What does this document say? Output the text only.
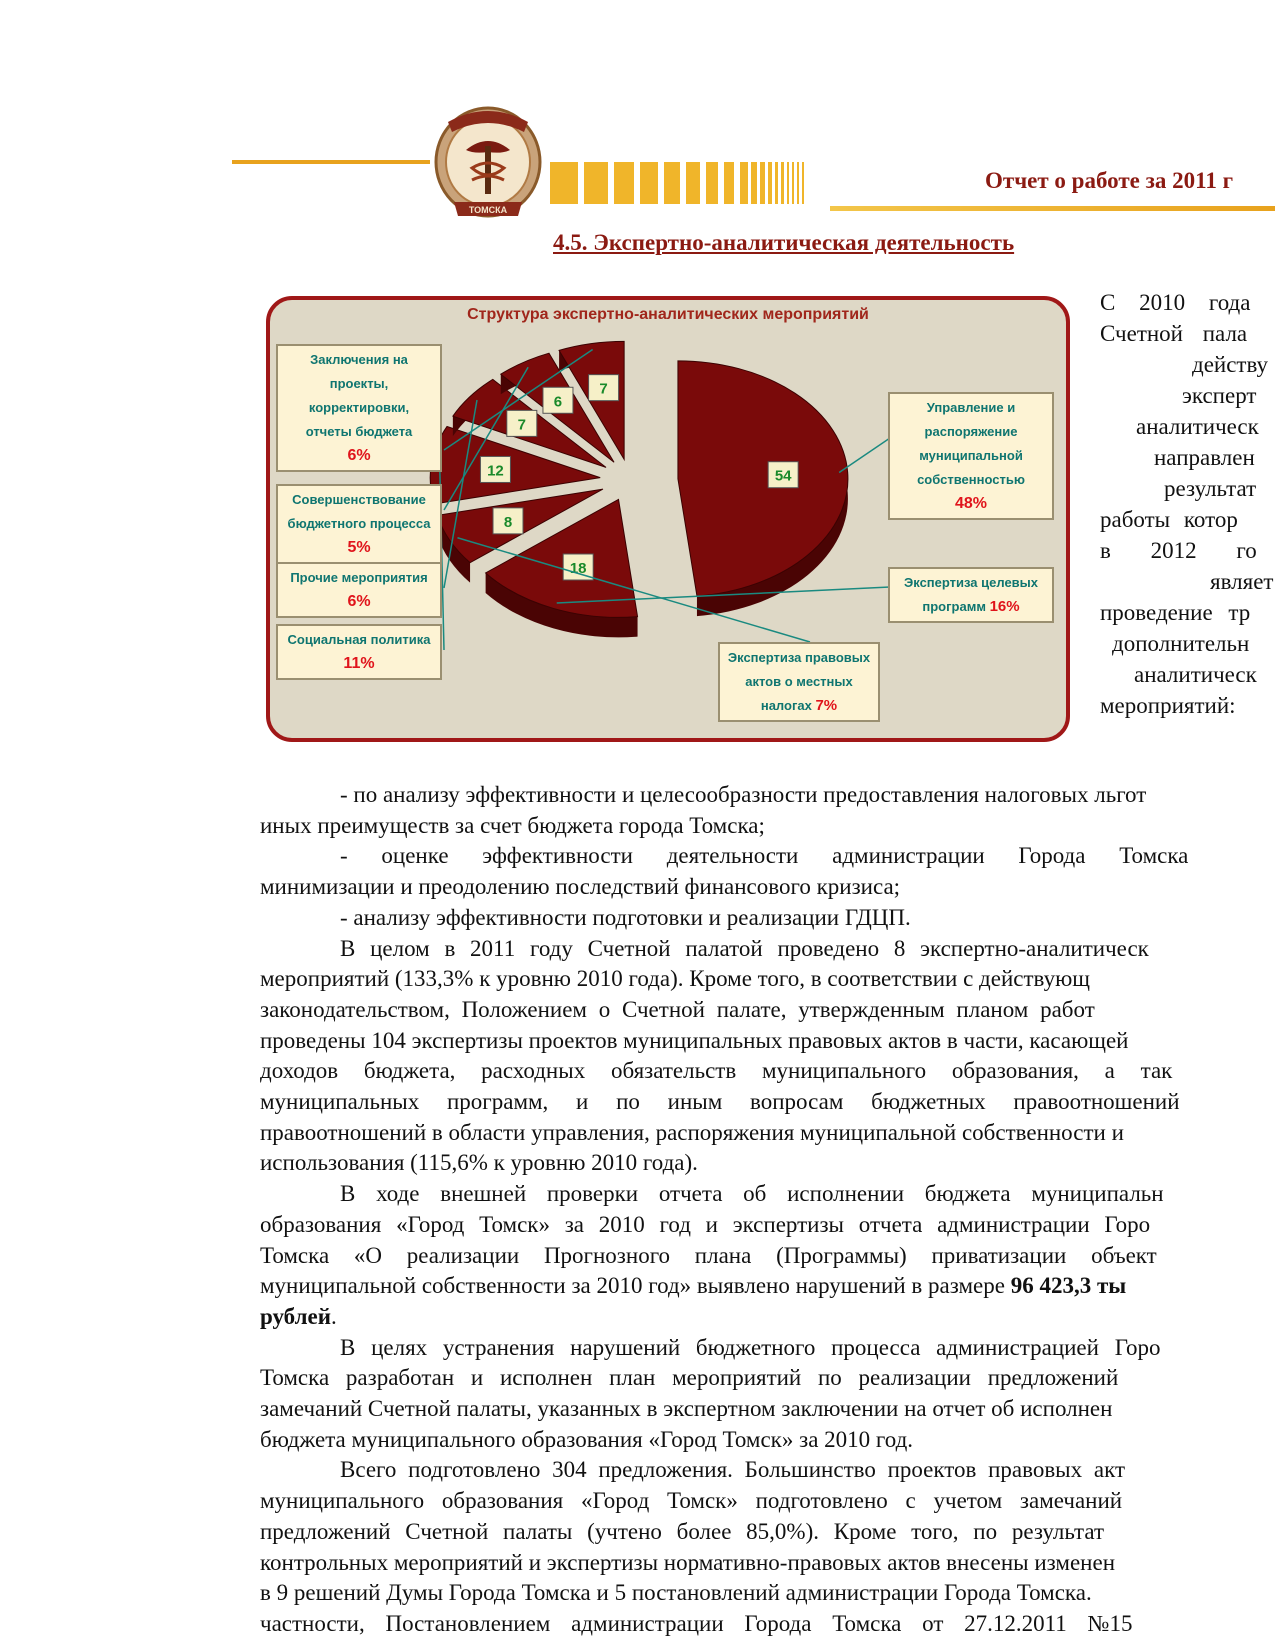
ТОМСКА
Отчет о работе за 2011 г
4.5. Экспертно-аналитическая деятельность
Структура экспертно-аналитических мероприятий
54
18
8
12
7
6
7
Управление и
распоряжение
муниципальной
собственностью
48%
Экспертиза целевых
программ 16%
Экспертиза правовых
актов о местных
налогах 7%
Социальная политика
11%
Прочие мероприятия
6%
Совершенствование
бюджетного процесса
5%
Заключения на
проекты,
корректировки,
отчеты бюджета
6%
С 2010 года
Счетной пала
действу
эксперт
аналитическ
направлен
результат
работы котор
в 2012 го
являет
проведение тр
дополнительн
аналитическ
мероприятий:
- по анализу эффективности и целесообразности предоставления налоговых льгот
иных преимуществ за счет бюджета города Томска;
- оценке эффективности деятельности администрации Города Томска
минимизации и преодолению последствий финансового кризиса;
- анализу эффективности подготовки и реализации ГДЦП.
В целом в 2011 году Счетной палатой проведено 8 экспертно-аналитическ
мероприятий (133,3% к уровню 2010 года). Кроме того, в соответствии с действующ
законодательством, Положением о Счетной палате, утвержденным планом работ
проведены 104 экспертизы проектов муниципальных правовых актов в части, касающей
доходов бюджета, расходных обязательств муниципального образования, а так
муниципальных программ, и по иным вопросам бюджетных правоотношений
правоотношений в области управления, распоряжения муниципальной собственности и
использования (115,6% к уровню 2010 года).
В ходе внешней проверки отчета об исполнении бюджета муниципальн
образования «Город Томск» за 2010 год и экспертизы отчета администрации Горо
Томска «О реализации Прогнозного плана (Программы) приватизации объект
муниципальной собственности за 2010 год» выявлено нарушений в размере 96 423,3 ты
рублей.
В целях устранения нарушений бюджетного процесса администрацией Горо
Томска разработан и исполнен план мероприятий по реализации предложений
замечаний Счетной палаты, указанных в экспертном заключении на отчет об исполнен
бюджета муниципального образования «Город Томск» за 2010 год.
Всего подготовлено 304 предложения. Большинство проектов правовых акт
муниципального образования «Город Томск» подготовлено с учетом замечаний
предложений Счетной палаты (учтено более 85,0%). Кроме того, по результат
контрольных мероприятий и экспертизы нормативно-правовых актов внесены изменен
в 9 решений Думы Города Томска и 5 постановлений администрации Города Томска.
частности, Постановлением администрации Города Томска от 27.12.2011 №15
